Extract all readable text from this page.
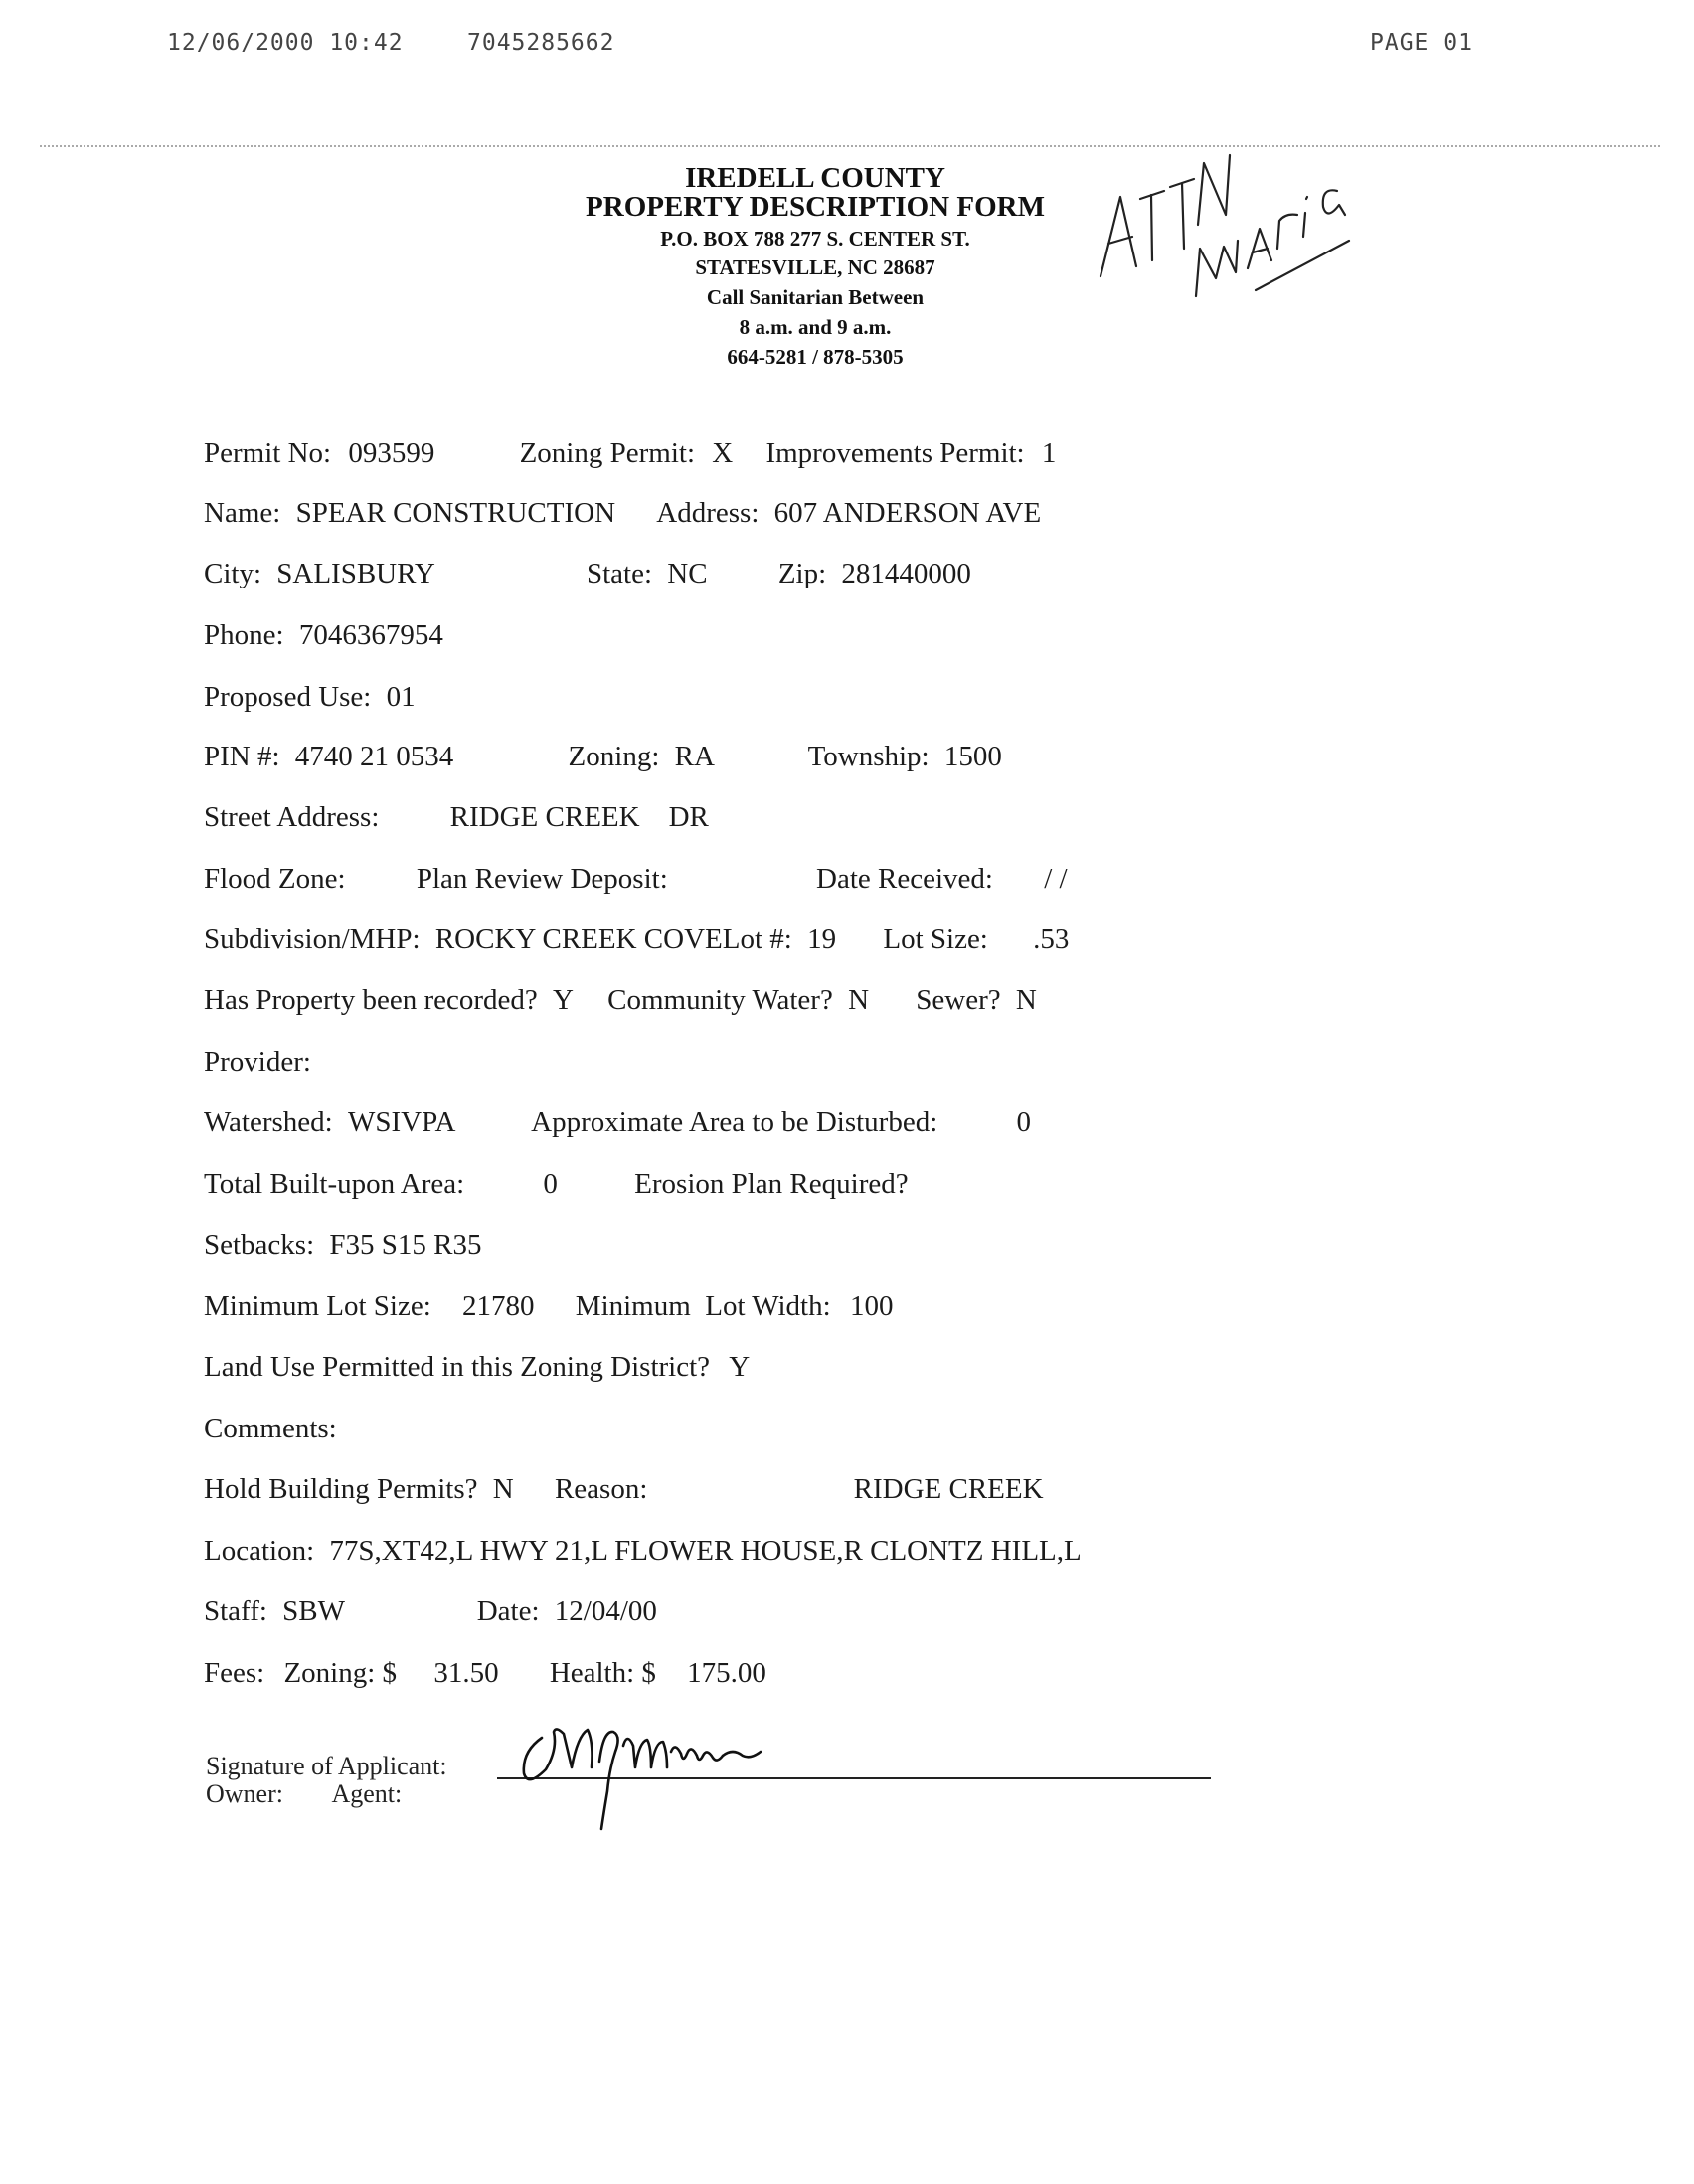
12/06/2000 10:42	7045285662	PAGE 01
IREDELL COUNTY
PROPERTY DESCRIPTION FORM
P.O. BOX 788 277 S. CENTER ST.
STATESVILLE, NC 28687
Call Sanitarian Between
8 a.m. and 9 a.m.
664-5281 / 878-5305
Permit No: 093599	Zoning Permit: X Improvements Permit: 1
Name: SPEAR CONSTRUCTION Address: 607 ANDERSON AVE
City: SALISBURY	State: NC Zip: 281440000
Phone: 7046367954
Proposed Use: 01
PIN #: 4740 21 0534	Zoning: RA	Township: 1500
Street Address: RIDGE CREEK    DR
Flood Zone: Plan Review Deposit:	Date Received: / /
Subdivision/MHP: ROCKY CREEK COVELot #: 19 Lot Size: .53
Has Property been recorded? Y Community Water? N Sewer? N
Provider:
Watershed: WSIVPA	Approximate Area to be Disturbed:	0
Total Built-upon Area:	0	Erosion Plan Required?
Setbacks: F35 S15 R35
Minimum Lot Size: 21780 Minimum  Lot Width: 100
Land Use Permitted in this Zoning District? Y
Comments:
Hold Building Permits? N Reason:	RIDGE CREEK
Location: 77S,XT42,L HWY 21,L FLOWER HOUSE,R CLONTZ HILL,L
Staff: SBW	Date: 12/04/00
Fees: Zoning: $ 31.50 Health: $ 175.00
Signature of Applicant:
Owner: Agent:
